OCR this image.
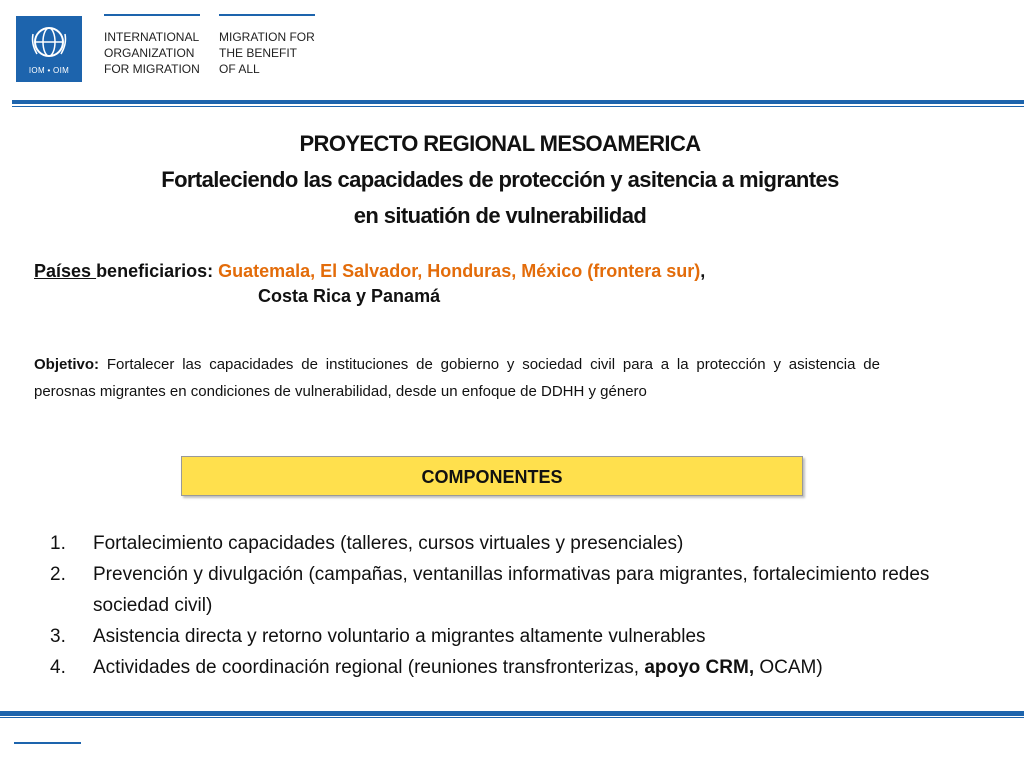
IOM • OIM
INTERNATIONAL
ORGANIZATION
FOR MIGRATION
MIGRATION FOR
THE BENEFIT
OF ALL
PROYECTO REGIONAL MESOAMERICA
Fortaleciendo las capacidades de protección y asitencia a migrantes
en situatión de vulnerabilidad
Países beneficiarios: Guatemala, El Salvador, Honduras, México (frontera sur),
Costa Rica y Panamá
Objetivo: Fortalecer las capacidades de instituciones de gobierno y sociedad civil para a la protección y asistencia de perosnas migrantes en condiciones de vulnerabilidad, desde un enfoque de DDHH y género
COMPONENTES
1. Fortalecimiento capacidades (talleres, cursos virtuales y presenciales)
2. Prevención y divulgación (campañas, ventanillas informativas para migrantes, fortalecimiento redes sociedad civil)
3. Asistencia directa y retorno voluntario a migrantes altamente vulnerables
4. Actividades de coordinación regional (reuniones transfronterizas, apoyo CRM, OCAM)
